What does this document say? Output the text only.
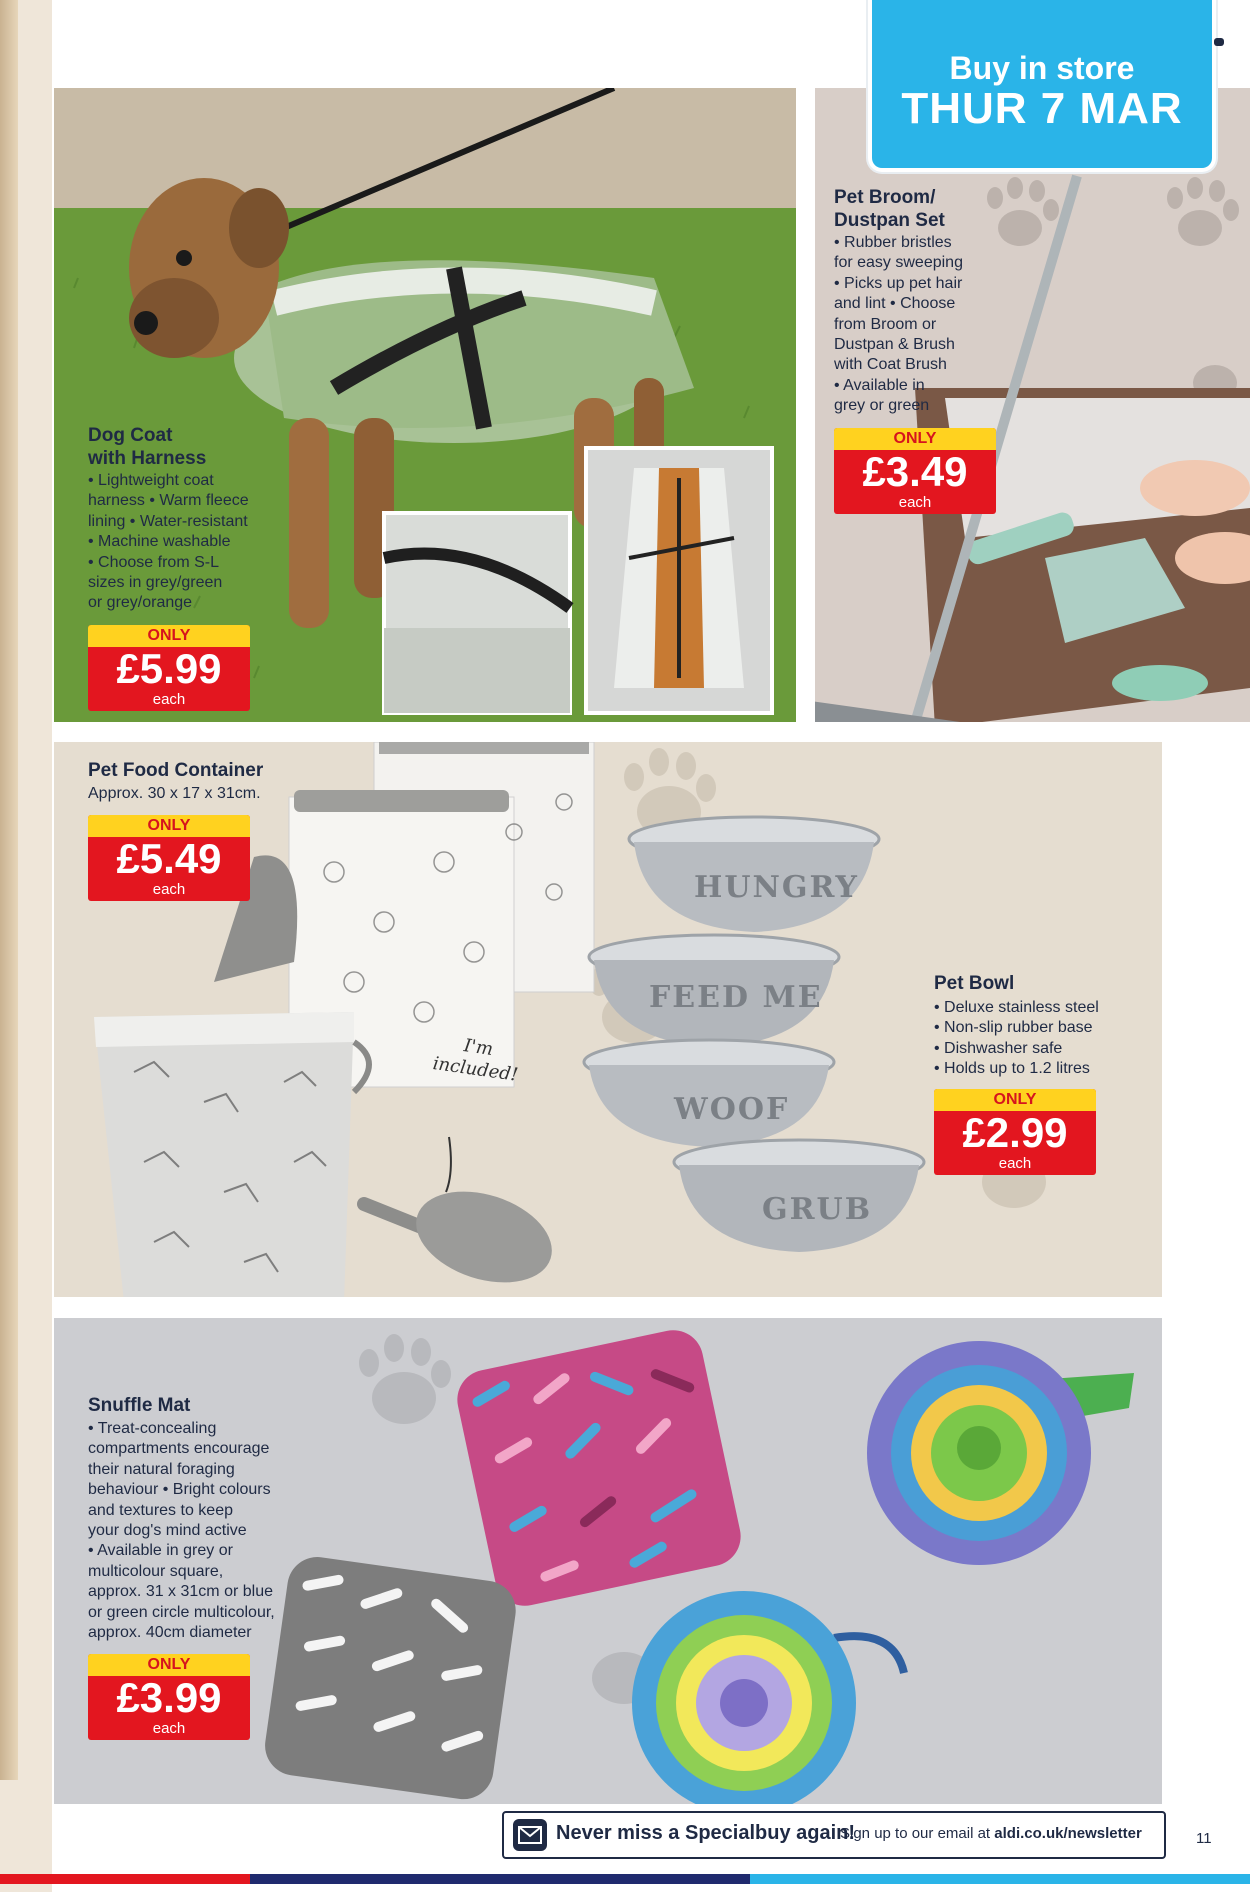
Dog Coat
with Harness
• Lightweight coat
harness • Warm fleece
lining • Water-resistant
• Machine washable
• Choose from S-L
sizes in grey/green
or grey/orange
ONLY
£5.99
each
Pet Broom/
Dustpan Set
• Rubber bristles
for easy sweeping
• Picks up pet hair
and lint • Choose
from Broom or
Dustpan & Brush
with Coat Brush
• Available in
grey or green
ONLY
£3.49
each
Buy in store
THUR 7 MAR
HUNGRY
FEED ME
WOOF
GRUB
I'm
included!
Pet Food Container
Approx. 30 x 17 x 31cm.
ONLY
£5.49
each
Pet Bowl
• Deluxe stainless steel
• Non-slip rubber base
• Dishwasher safe
• Holds up to 1.2 litres
ONLY
£2.99
each
Snuffle Mat
• Treat-concealing
compartments encourage
their natural foraging
behaviour • Bright colours
and textures to keep
your dog's mind active
• Available in grey or
multicolour square,
approx. 31 x 31cm or blue
or green circle multicolour,
approx. 40cm diameter
ONLY
£3.99
each
Never miss a Specialbuy again!
Sign up to our email at aldi.co.uk/newsletter	11
